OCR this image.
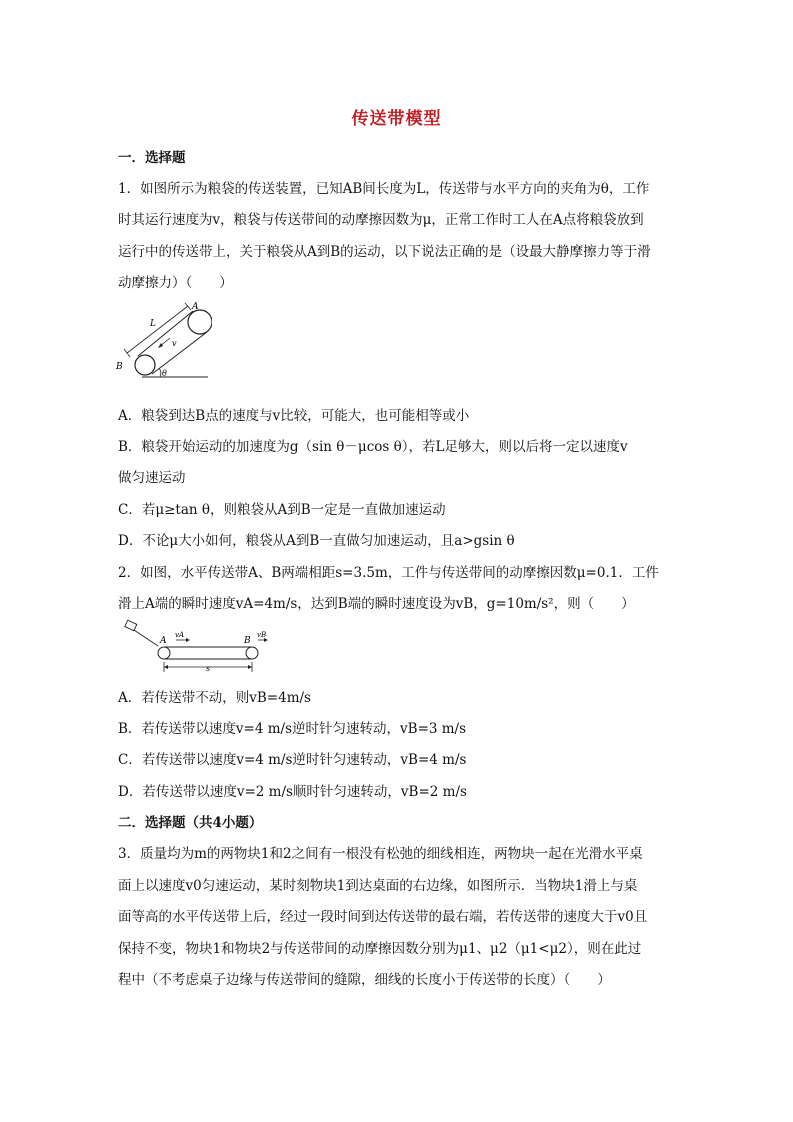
传送带模型
一．选择题
1．如图所示为粮袋的传送装置，已知AB间长度为L，传送带与水平方向的夹角为θ，工作
时其运行速度为v，粮袋与传送带间的动摩擦因数为μ，正常工作时工人在A点将粮袋放到
运行中的传送带上，关于粮袋从A到B的运动，以下说法正确的是（设最大静摩擦力等于滑
动摩擦力）（　　）
A
B
L
v
θ
A．粮袋到达B点的速度与v比较，可能大，也可能相等或小
B．粮袋开始运动的加速度为g（sin θ－μcos θ），若L足够大，则以后将一定以速度v
做匀速运动
C．若μ≥tan θ，则粮袋从A到B一定是一直做加速运动
D．不论μ大小如何，粮袋从A到B一直做匀加速运动，且a>gsin θ
2．如图，水平传送带A、B两端相距s=3.5m，工件与传送带间的动摩擦因数μ=0.1．工件
滑上A端的瞬时速度vA=4m/s，达到B端的瞬时速度设为vB，g=10m/s²，则（　　）
A	B
vA	vB
s
A．若传送带不动，则vB=4m/s
B．若传送带以速度v=4 m/s逆时针匀速转动，vB=3 m/s
C．若传送带以速度v=4 m/s逆时针匀速转动，vB=4 m/s
D．若传送带以速度v=2 m/s顺时针匀速转动，vB=2 m/s
二．选择题（共4小题）
3．质量均为m的两物块1和2之间有一根没有松弛的细线相连，两物块一起在光滑水平桌
面上以速度v0匀速运动，某时刻物块1到达桌面的右边缘，如图所示．当物块1滑上与桌
面等高的水平传送带上后，经过一段时间到达传送带的最右端，若传送带的速度大于v0且
保持不变，物块1和物块2与传送带间的动摩擦因数分别为μ1、μ2（μ1<μ2），则在此过
程中（不考虑桌子边缘与传送带间的缝隙，细线的长度小于传送带的长度）（　　）
